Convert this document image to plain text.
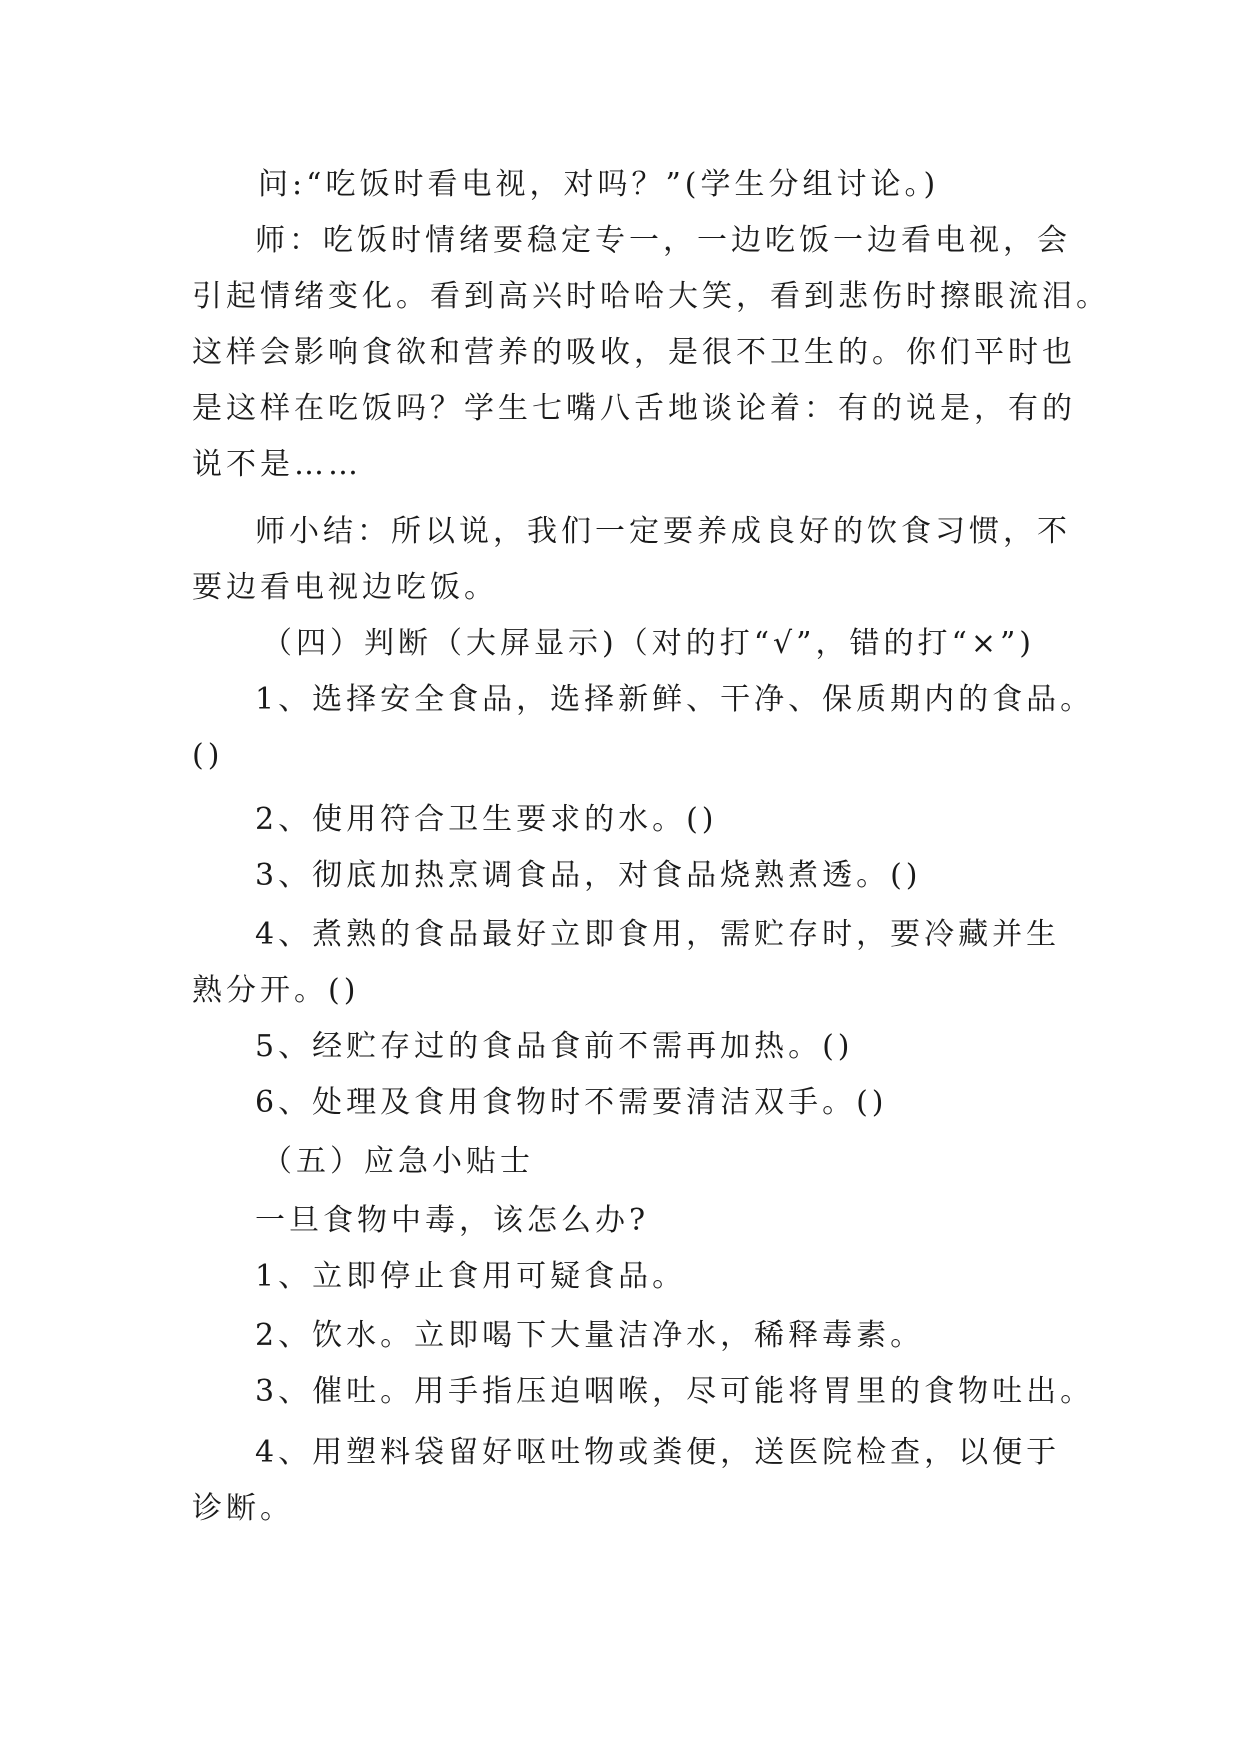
问:“吃饭时看电视，对吗？”(学生分组讨论。)
师：吃饭时情绪要稳定专一，一边吃饭一边看电视，会
引起情绪变化。看到高兴时哈哈大笑，看到悲伤时擦眼流泪。
这样会影响食欲和营养的吸收，是很不卫生的。你们平时也
是这样在吃饭吗？学生七嘴八舌地谈论着：有的说是，有的
说不是……
师小结：所以说，我们一定要养成良好的饮食习惯，不
要边看电视边吃饭。
（四）判断（大屏显示)（对的打“√”，错的打“×”)
1、选择安全食品，选择新鲜、干净、保质期内的食品。
()
2、使用符合卫生要求的水。()
3、彻底加热烹调食品，对食品烧熟煮透。()
4、煮熟的食品最好立即食用，需贮存时，要冷藏并生
熟分开。()
5、经贮存过的食品食前不需再加热。()
6、处理及食用食物时不需要清洁双手。()
（五）应急小贴士
一旦食物中毒，该怎么办?
1、立即停止食用可疑食品。
2、饮水。立即喝下大量洁净水，稀释毒素。
3、催吐。用手指压迫咽喉，尽可能将胃里的食物吐出。
4、用塑料袋留好呕吐物或粪便，送医院检查，以便于
诊断。
